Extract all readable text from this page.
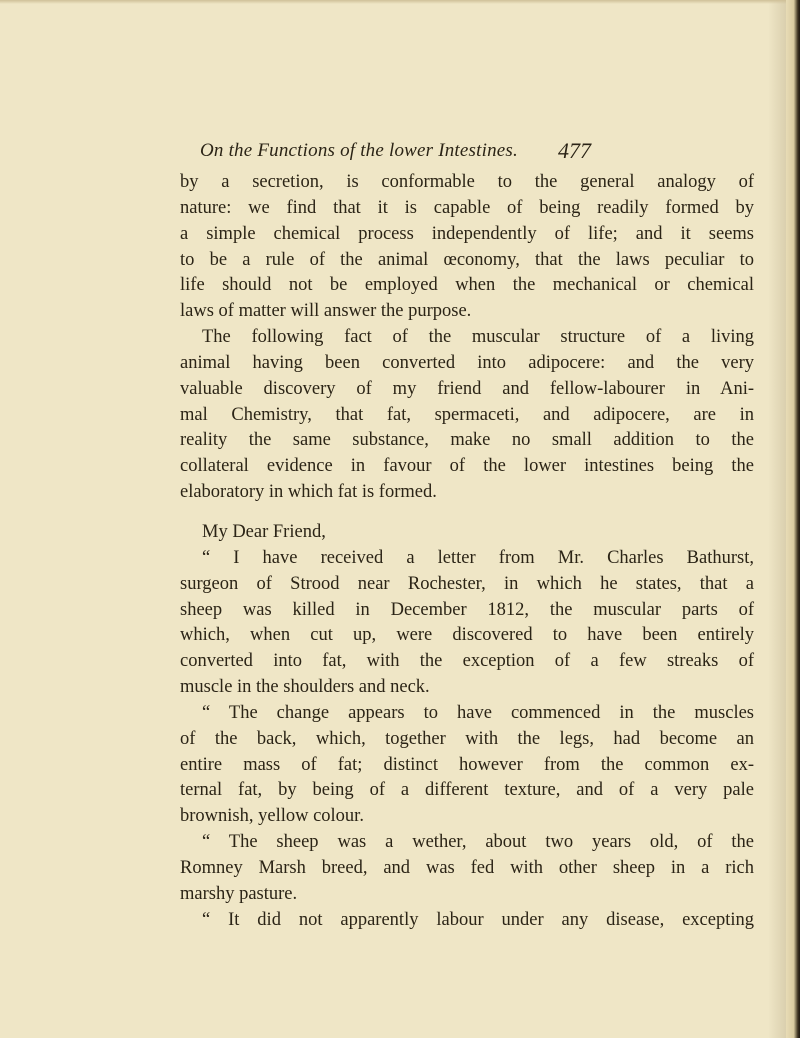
On the Functions of the lower Intestines. 477
by a secretion, is conformable to the general analogy of
nature: we find that it is capable of being readily formed by
a simple chemical process independently of life; and it seems
to be a rule of the animal œconomy, that the laws peculiar to
life should not be employed when the mechanical or chemical
laws of matter will answer the purpose.
The following fact of the muscular structure of a living
animal having been converted into adipocere: and the very
valuable discovery of my friend and fellow-labourer in Ani-
mal Chemistry, that fat, spermaceti, and adipocere, are in
reality the same substance, make no small addition to the
collateral evidence in favour of the lower intestines being the
elaboratory in which fat is formed.
My Dear Friend,
“ I have received a letter from Mr. Charles Bathurst,
surgeon of Strood near Rochester, in which he states, that a
sheep was killed in December 1812, the muscular parts of
which, when cut up, were discovered to have been entirely
converted into fat, with the exception of a few streaks of
muscle in the shoulders and neck.
“ The change appears to have commenced in the muscles
of the back, which, together with the legs, had become an
entire mass of fat; distinct however from the common ex-
ternal fat, by being of a different texture, and of a very pale
brownish, yellow colour.
“ The sheep was a wether, about two years old, of the
Romney Marsh breed, and was fed with other sheep in a rich
marshy pasture.
“ It did not apparently labour under any disease, excepting
